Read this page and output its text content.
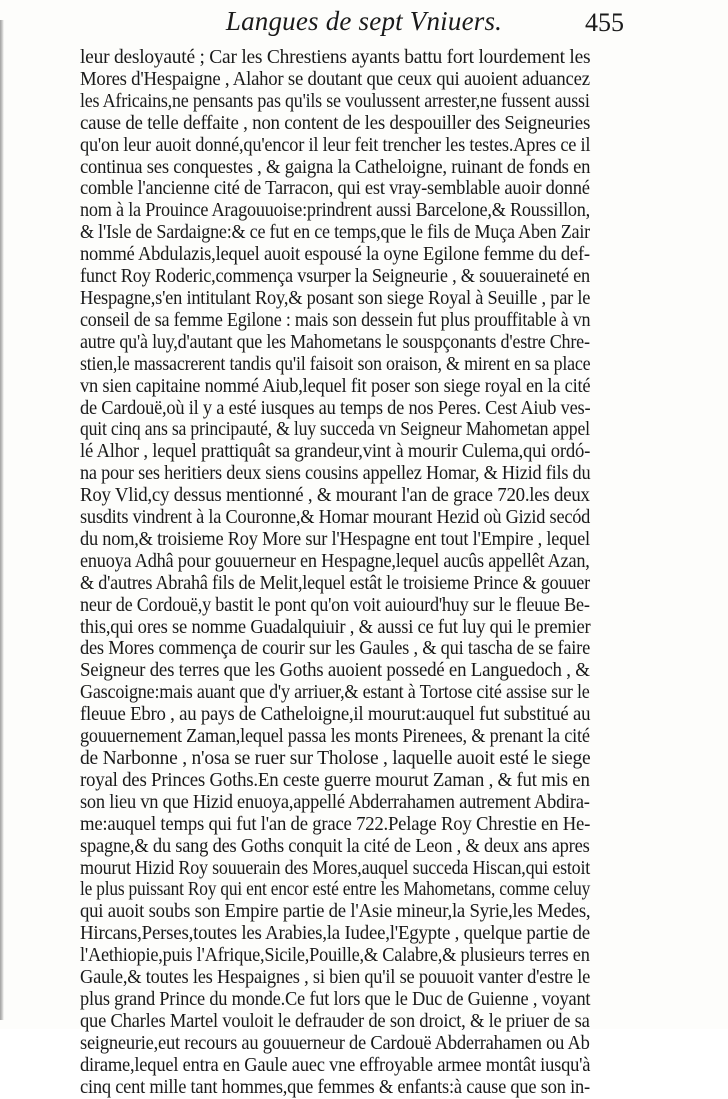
Langues de sept Vniuers.	455
leur desloyauté ; Car les Chrestiens ayants battu fort lourdement les
Mores d'Hespaigne , Alahor se doutant que ceux qui auoient aduancez
les Africains,ne pensants pas qu'ils se voulussent arrester,ne fussent aussi
cause de telle deffaite , non content de les despouiller des Seigneuries
qu'on leur auoit donné,qu'encor il leur feit trencher les testes.Apres ce il
continua ses conquestes , & gaigna la Catheloigne, ruinant de fonds en
comble l'ancienne cité de Tarracon, qui est vray-semblable auoir donné
nom à la Prouince Aragouuoise:prindrent aussi Barcelone,& Roussillon,
& l'Isle de Sardaigne:& ce fut en ce temps,que le fils de Muça Aben Zair
nommé Abdulazis,lequel auoit espousé la oyne Egilone femme du def-
funct Roy Roderic,commença vsurper la Seigneurie , & souueraineté en
Hespagne,s'en intitulant Roy,& posant son siege Royal à Seuille , par le
conseil de sa femme Egilone : mais son dessein fut plus prouffitable à vn
autre qu'à luy,d'autant que les Mahometans le souspçonants d'estre Chre-
stien,le massacrerent tandis qu'il faisoit son oraison, & mirent en sa place
vn sien capitaine nommé Aiub,lequel fit poser son siege royal en la cité
de Cardouë,où il y a esté iusques au temps de nos Peres. Cest Aiub ves-
quit cinq ans sa principauté, & luy succeda vn Seigneur Mahometan appel
lé Alhor , lequel prattiquât sa grandeur,vint à mourir Culema,qui ordó-
na pour ses heritiers deux siens cousins appellez Homar, & Hizid fils du
Roy Vlid,cy dessus mentionné , & mourant l'an de grace 720.les deux
susdits vindrent à la Couronne,& Homar mourant Hezid où Gizid secód
du nom,& troisieme Roy More sur l'Hespagne ent tout l'Empire , lequel
enuoya Adhâ pour gouuerneur en Hespagne,lequel aucûs appellêt Azan,
& d'autres Abrahâ fils de Melit,lequel estât le troisieme Prince & gouuer
neur de Cordouë,y bastit le pont qu'on voit auiourd'huy sur le fleuue Be-
this,qui ores se nomme Guadalquiuir , & aussi ce fut luy qui le premier
des Mores commença de courir sur les Gaules , & qui tascha de se faire
Seigneur des terres que les Goths auoient possedé en Languedoch , &
Gascoigne:mais auant que d'y arriuer,& estant à Tortose cité assise sur le
fleuue Ebro , au pays de Catheloigne,il mourut:auquel fut substitué au
gouuernement Zaman,lequel passa les monts Pirenees, & prenant la cité
de Narbonne , n'osa se ruer sur Tholose , laquelle auoit esté le siege
royal des Princes Goths.En ceste guerre mourut Zaman , & fut mis en
son lieu vn que Hizid enuoya,appellé Abderrahamen autrement Abdira-
me:auquel temps qui fut l'an de grace 722.Pelage Roy Chrestie en He-
spagne,& du sang des Goths conquit la cité de Leon , & deux ans apres
mourut Hizid Roy souuerain des Mores,auquel succeda Hiscan,qui estoit
le plus puissant Roy qui ent encor esté entre les Mahometans, comme celuy
qui auoit soubs son Empire partie de l'Asie mineur,la Syrie,les Medes,
Hircans,Perses,toutes les Arabies,la Iudee,l'Egypte , quelque partie de
l'Aethiopie,puis l'Afrique,Sicile,Pouille,& Calabre,& plusieurs terres en
Gaule,& toutes les Hespaignes , si bien qu'il se pouuoit vanter d'estre le
plus grand Prince du monde.Ce fut lors que le Duc de Guienne , voyant
que Charles Martel vouloit le defrauder de son droict, & le priuer de sa
seigneurie,eut recours au gouuerneur de Cardouë Abderrahamen ou Ab
dirame,lequel entra en Gaule auec vne effroyable armee montât iusqu'à
cinq cent mille tant hommes,que femmes & enfants:à cause que son in-
